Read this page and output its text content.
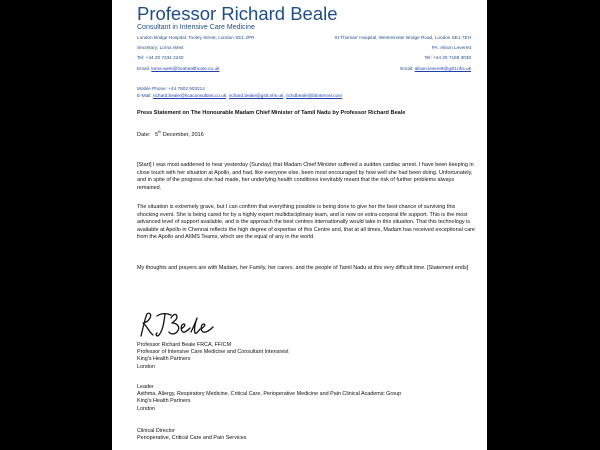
Professor Richard Beale
Consultant in Intensive Care Medicine
London Bridge Hospital, Tooley Street, London SE1 2PR
Secretary: Lorna West
Tel: +44 20 7234 2240
Email: lorna.west@hcahealthcare.co.uk
St Thomas' Hospital, Westminster Bridge Road, London SE1 7EH
PA: Alison Leverett
Tel: +44 20 7188 3038
Email: alison.leverett@gstt.nhs.uk
Mobile Phone: +44 7802 903214
E-Mail: richard.beale@hcaconsultant.co.uk; richard.beale@gstt.nhs.uk; richdbeale@btinternet.com
Press Statement on The Honourable Madam Chief Minister of Tamil Nadu by Professor Richard Beale
Date: 5th December, 2016

[Start] I was most saddened to hear yesterday (Sunday) that Madam Chief Minister suffered a sudden cardiac arrest. I have been keeping in close touch with her situation at Apollo, and had, like everyone else, been most encouraged by how well she had been doing. Unfortunately, and in spite of the progress she had made, her underlying health conditions inevitably meant that the risk of further problems always remained.

The situation is extremely grave, but I can confirm that everything possible is being done to give her the best chance of surviving this shocking event. She is being cared for by a highly expert multidisciplinary team, and is now on extra-corporal life support. This is the most advanced level of support available, and is the approach the best centres internationally would take in this situation. That this technology is available at Apollo in Chennai reflects the high degree of expertise of this Centre and, that at all times, Madam has received exceptional care from the Apollo and AIIMS Teams, which are the equal of any in the world.

My thoughts and prayers are with Madam, her Family, her carers, and the people of Tamil Nadu at this very difficult time. [Statement ends]

Professor Richard Beale FRCA, FFICM
Professor of Intensive Care Medicine and Consultant Intensivist
King's Health Partners
London
Leader
Asthma, Allergy, Respiratory Medicine, Critical Care, Perioperative Medicine and Pain Clinical Academic Group
King's Health Partners
London
Clinical Director
Perioperative, Critical Care and Pain Services
